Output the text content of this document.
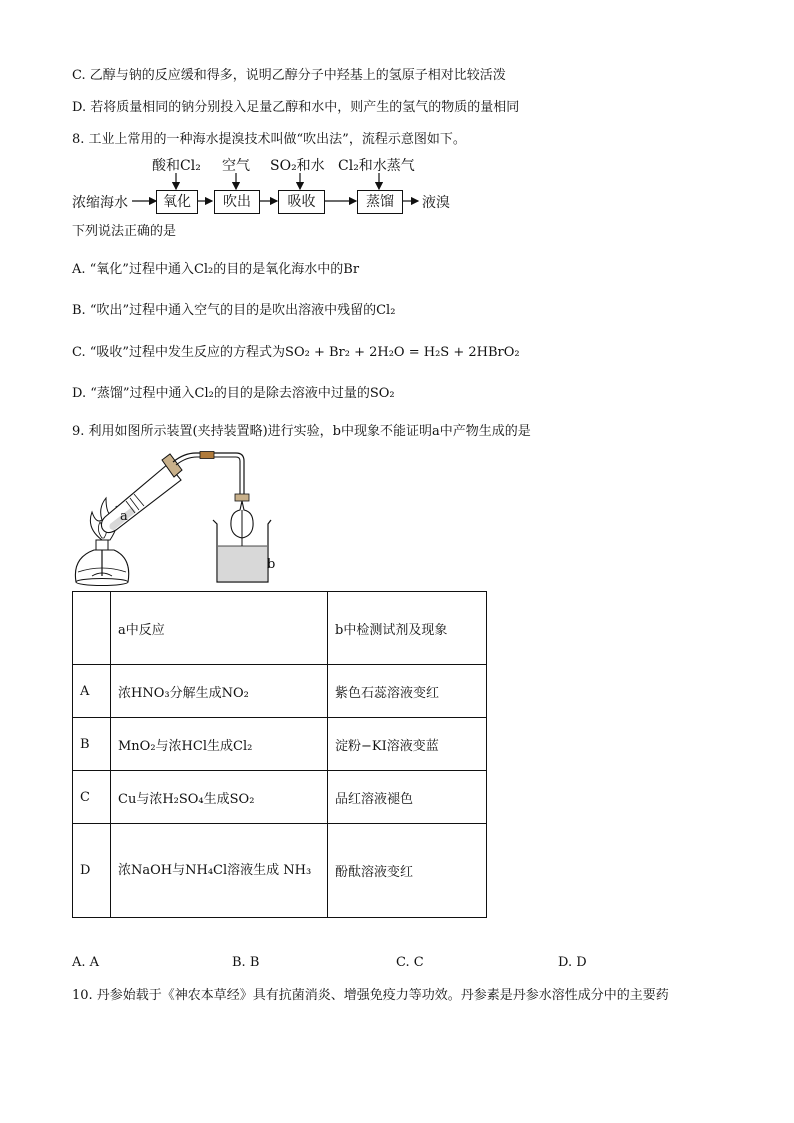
C. 乙醇与钠的反应缓和得多，说明乙醇分子中羟基上的氢原子相对比较活泼
D. 若将质量相同的钠分别投入足量乙醇和水中，则产生的氢气的物质的量相同
8. 工业上常用的一种海水提溴技术叫做“吹出法”，流程示意图如下。
浓缩海水	氧化	吹出	吸收	蒸馏	液溴
酸和Cl₂ 空气 SO₂和水 Cl₂和水蒸气
下列说法正确的是
A. “氧化”过程中通入Cl₂的目的是氧化海水中的Br
B. “吹出”过程中通入空气的目的是吹出溶液中残留的Cl₂
C. “吸收”过程中发生反应的方程式为SO₂ + Br₂ + 2H₂O = H₂S + 2HBrO₂
D. “蒸馏”过程中通入Cl₂的目的是除去溶液中过量的SO₂
9. 利用如图所示装置(夹持装置略)进行实验，b中现象不能证明a中产物生成的是
a
b
	a中反应	b中检测试剂及现象
A	浓HNO₃分解生成NO₂	紫色石蕊溶液变红
B	MnO₂与浓HCl生成Cl₂	淀粉−KI溶液变蓝
C	Cu与浓H₂SO₄生成SO₂	品红溶液褪色
D	浓NaOH与NH₄Cl溶液生成 NH₃	酚酞溶液变红
A. A	B. B	C. C	D. D
10. 丹参始载于《神农本草经》具有抗菌消炎、增强免疫力等功效。丹参素是丹参水溶性成分中的主要药
